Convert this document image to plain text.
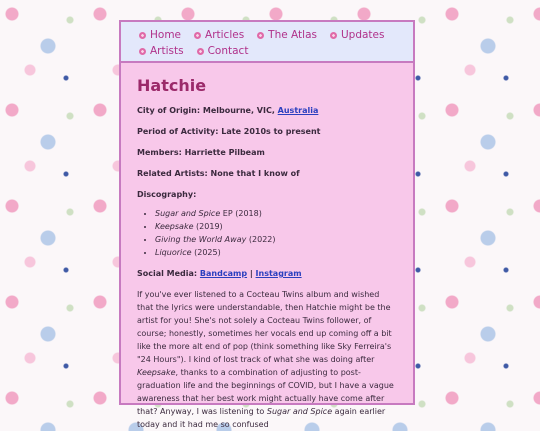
Home Articles The Atlas Updates
Artists Contact
Hatchie

City of Origin: Melbourne, VIC, Australia

Period of Activity: Late 2010s to present

Members: Harriette Pilbeam

Related Artists: None that I know of

Discography:

• Sugar and Spice EP (2018)
• Keepsake (2019)
• Giving the World Away (2022)
• Liquorice (2025)

Social Media: Bandcamp | Instagram

If you've ever listened to a Cocteau Twins album and wished that the lyrics were understandable, then Hatchie might be the artist for you! She's not solely a Cocteau Twins follower, of course; honestly, sometimes her vocals end up coming off a bit like the more alt end of pop (think something like Sky Ferreira's "24 Hours"). I kind of lost track of what she was doing after Keepsake, thanks to a combination of adjusting to post-graduation life and the beginnings of COVID, but I have a vague awareness that her best work might actually have come after that? Anyway, I was listening to Sugar and Spice again earlier today and it had me so confused
